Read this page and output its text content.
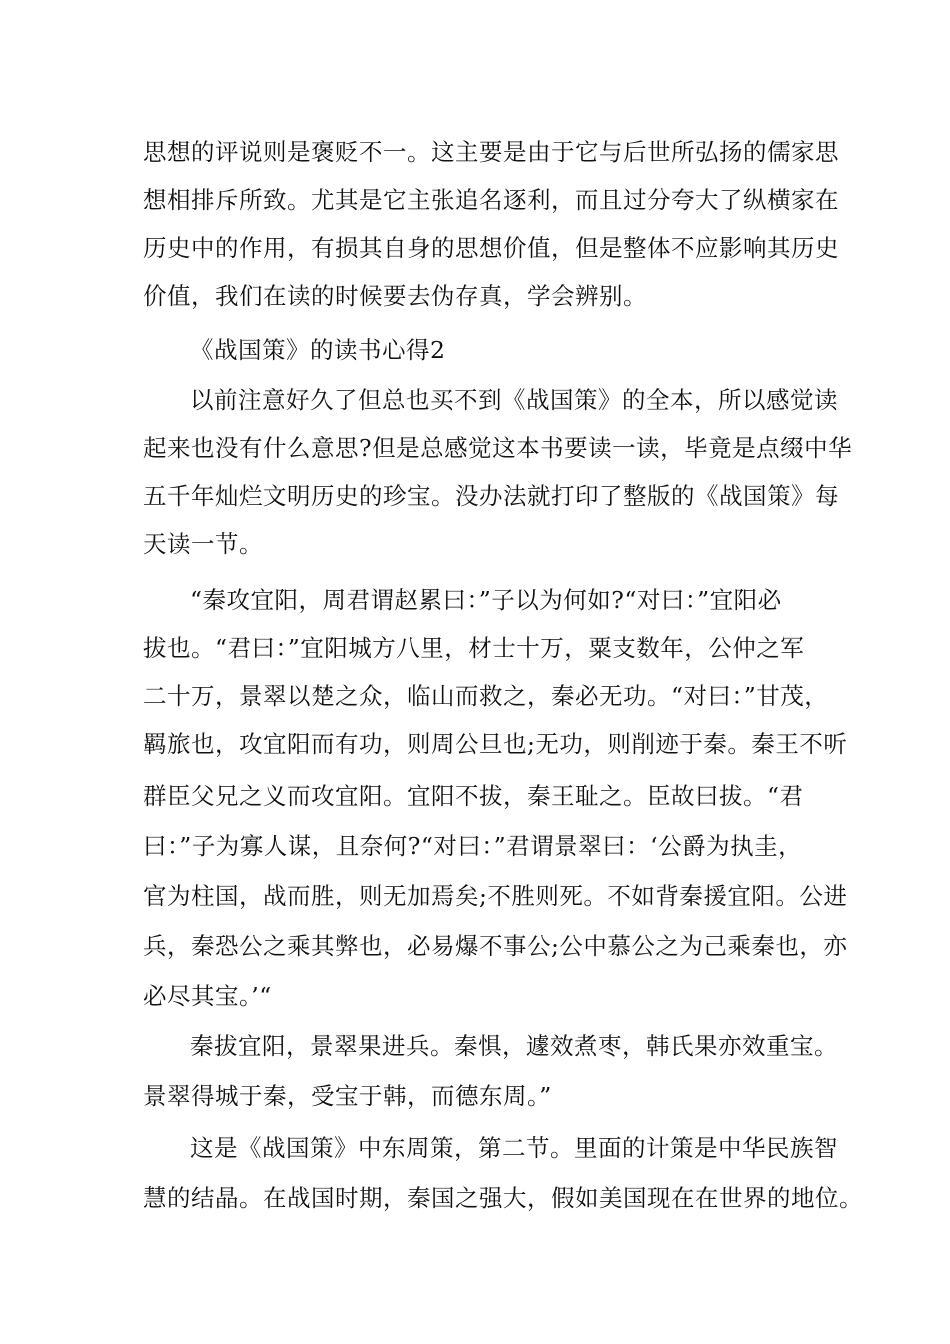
思想的评说则是褒贬不一。这主要是由于它与后世所弘扬的儒家思
想相排斥所致。尤其是它主张追名逐利，而且过分夸大了纵横家在
历史中的作用，有损其自身的思想价值，但是整体不应影响其历史
价值，我们在读的时候要去伪存真，学会辨别。
《战国策》的读书心得2
以前注意好久了但总也买不到《战国策》的全本，所以感觉读
起来也没有什么意思?但是总感觉这本书要读一读，毕竟是点缀中华
五千年灿烂文明历史的珍宝。没办法就打印了整版的《战国策》每
天读一节。
“秦攻宜阳，周君谓赵累曰：”子以为何如?“对曰：”宜阳必
拔也。“君曰：”宜阳城方八里，材士十万，粟支数年，公仲之军
二十万，景翠以楚之众，临山而救之，秦必无功。“对曰：”甘茂，
羁旅也，攻宜阳而有功，则周公旦也;无功，则削迹于秦。秦王不听
群臣父兄之义而攻宜阳。宜阳不拔，秦王耻之。臣故曰拔。“君
曰：”子为寡人谋，且奈何?“对曰：”君谓景翠曰：‘公爵为执圭，
官为柱国，战而胜，则无加焉矣;不胜则死。不如背秦援宜阳。公进
兵，秦恐公之乘其弊也，必易爆不事公;公中慕公之为己乘秦也，亦
必尽其宝。’“
秦拔宜阳，景翠果进兵。秦惧，遽效煮枣，韩氏果亦效重宝。
景翠得城于秦，受宝于韩，而德东周。”
这是《战国策》中东周策，第二节。里面的计策是中华民族智
慧的结晶。在战国时期，秦国之强大，假如美国现在在世界的地位。
